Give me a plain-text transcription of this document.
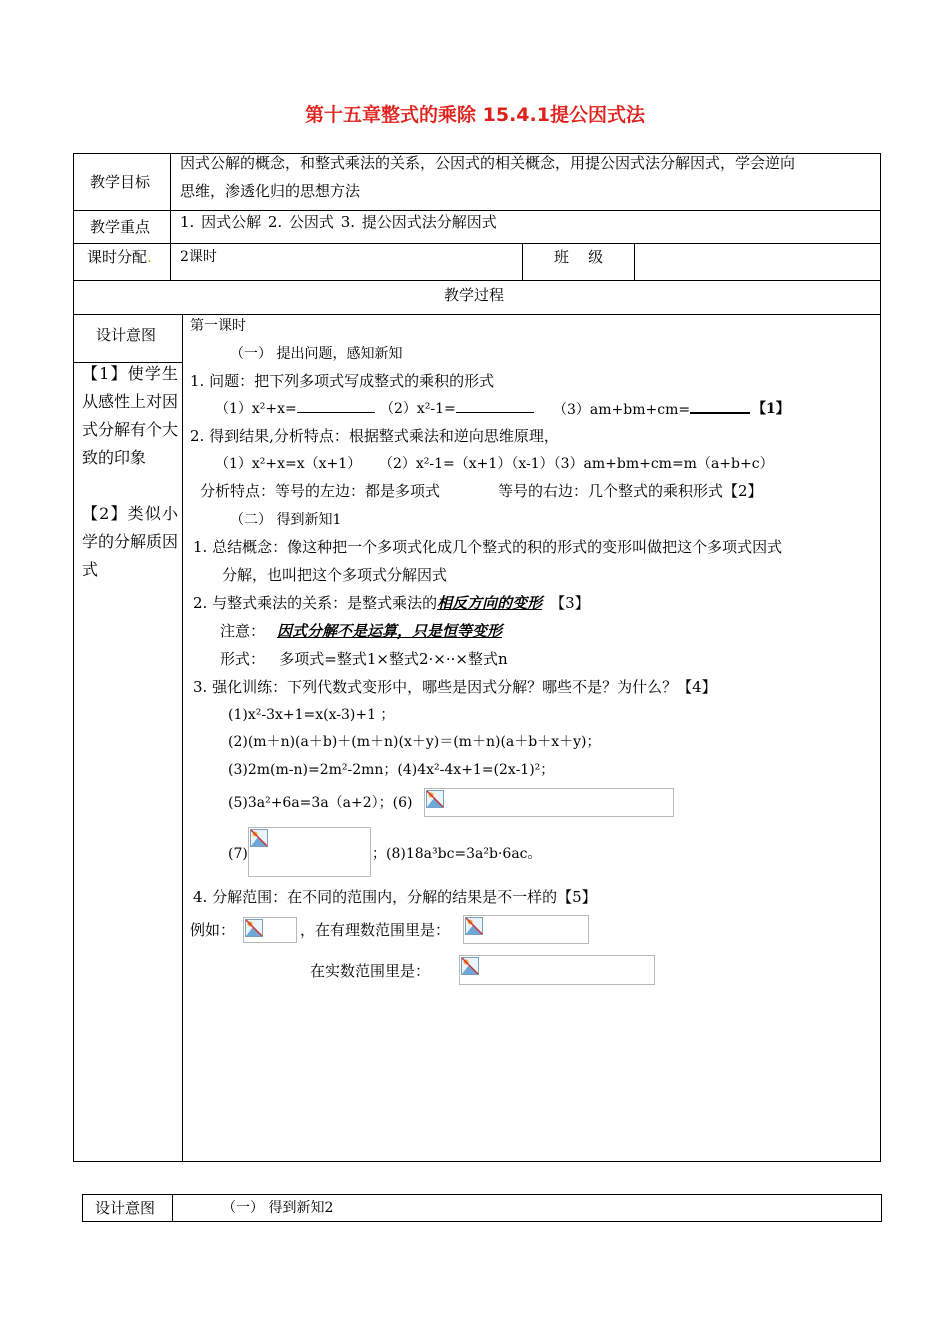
第十五章整式的乘除 15.4.1提公因式法
教学目标
因式公解的概念，和整式乘法的关系，公因式的相关概念，用提公因式法分解因式，学会逆向
思维，渗透化归的思想方法
教学重点 1. 因式公解 2. 公因式 3. 提公因式法分解因式
课时分配. 2课时	班    级
教学过程
设计意图
【1】使学生从感性上对因式分解有个大致的印象
【2】类似小学的分解质因式
第一课时
（一） 提出问题，感知新知
1. 问题：把下列多项式写成整式的乘积的形式
（1）x²+x=	（2）x²-1=	（3）am+bm+cm=	【1】
2. 得到结果,分析特点：根据整式乘法和逆向思维原理，
（1）x²+x=x（x+1）    （2）x²-1=（x+1）（x-1）（3）am+bm+cm=m（a+b+c）
分析特点：等号的左边：都是多项式	等号的右边：几个整式的乘积形式【2】
（二） 得到新知1
1. 总结概念：像这种把一个多项式化成几个整式的积的形式的变形叫做把这个多项式因式
分解，也叫把这个多项式分解因式
2. 与整式乘法的关系：是整式乘法的相反方向的变形 【3】
注意： 因式分解不是运算，只是恒等变形
形式：   多项式=整式1×整式2·×··×整式n
3. 强化训练：下列代数式变形中，哪些是因式分解？哪些不是？为什么？【4】
(1)x²-3x+1=x(x-3)+1 ；
(2)(m＋n)(a＋b)＋(m＋n)(x＋y)＝(m＋n)(a＋b＋x＋y)；
(3)2m(m-n)=2m²-2mn；(4)4x²-4x+1=(2x-1)²；
(5)3a²+6a=3a（a+2）；(6)
(7)	；(8)18a³bc=3a²b·6ac。
4. 分解范围：在不同的范围内，分解的结果是不一样的【5】
例如：	，在有理数范围里是：
在实数范围里是：
设计意图	（一） 得到新知2
